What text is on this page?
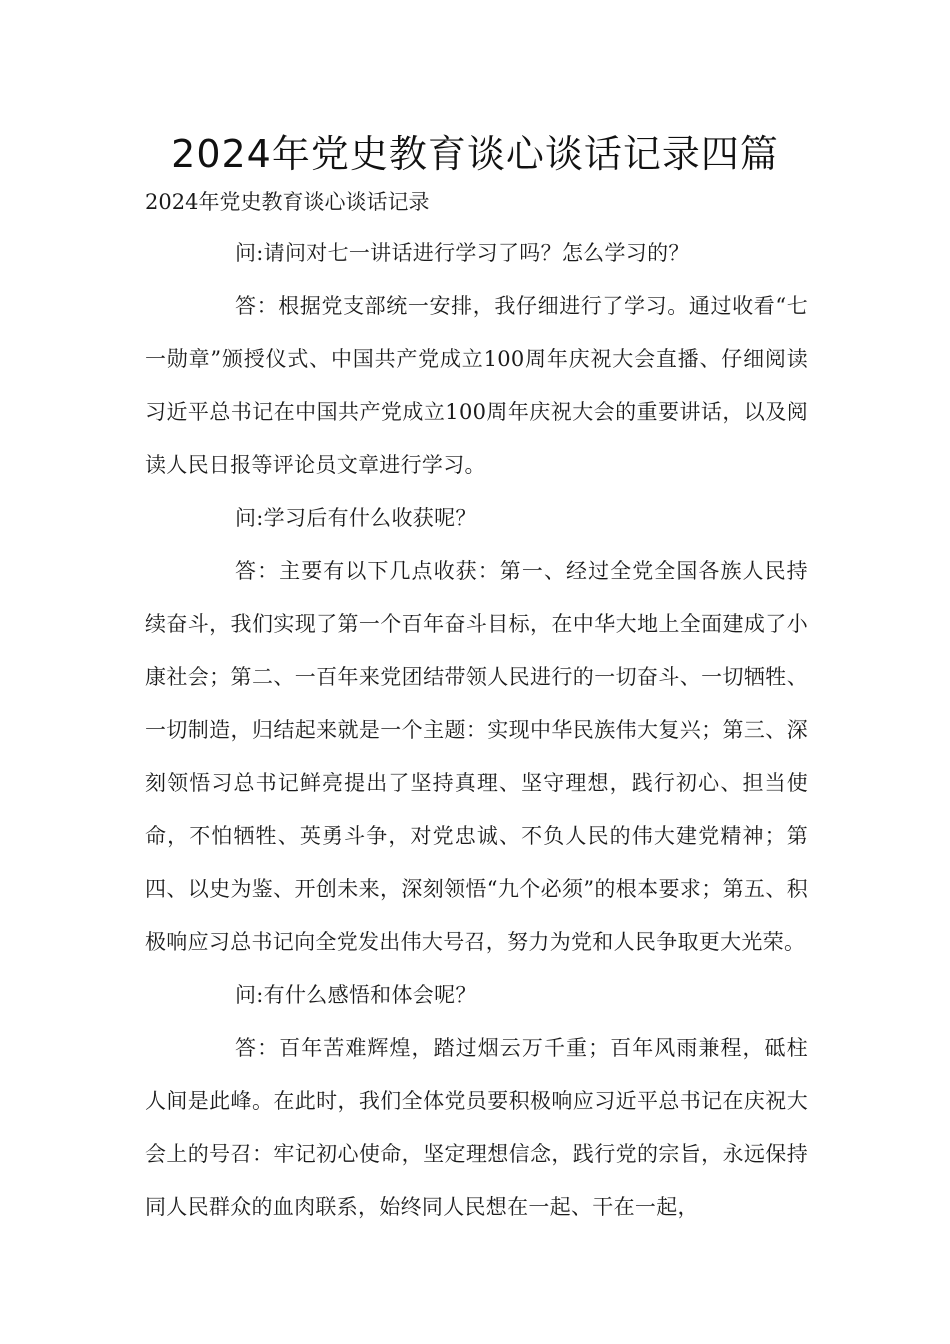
2024年党史教育谈心谈话记录四篇
2024年党史教育谈心谈话记录

问:请问对七一讲话进行学习了吗？怎么学习的？

答：根据党支部统一安排，我仔细进行了学习。通过收看“七一勋章”颁授仪式、中国共产党成立100周年庆祝大会直播、仔细阅读习近平总书记在中国共产党成立100周年庆祝大会的重要讲话，以及阅读人民日报等评论员文章进行学习。

问:学习后有什么收获呢？

答：主要有以下几点收获：第一、经过全党全国各族人民持续奋斗，我们实现了第一个百年奋斗目标，在中华大地上全面建成了小康社会；第二、一百年来党团结带领人民进行的一切奋斗、一切牺牲、一切制造，归结起来就是一个主题：实现中华民族伟大复兴；第三、深刻领悟习总书记鲜亮提出了坚持真理、坚守理想，践行初心、担当使命，不怕牺牲、英勇斗争，对党忠诚、不负人民的伟大建党精神；第四、以史为鉴、开创未来，深刻领悟“九个必须”的根本要求；第五、积极响应习总书记向全党发出伟大号召，努力为党和人民争取更大光荣。

问:有什么感悟和体会呢？

答：百年苦难辉煌，踏过烟云万千重；百年风雨兼程，砥柱人间是此峰。在此时，我们全体党员要积极响应习近平总书记在庆祝大会上的号召：牢记初心使命，坚定理想信念，践行党的宗旨，永远保持同人民群众的血肉联系，始终同人民想在一起、干在一起，
